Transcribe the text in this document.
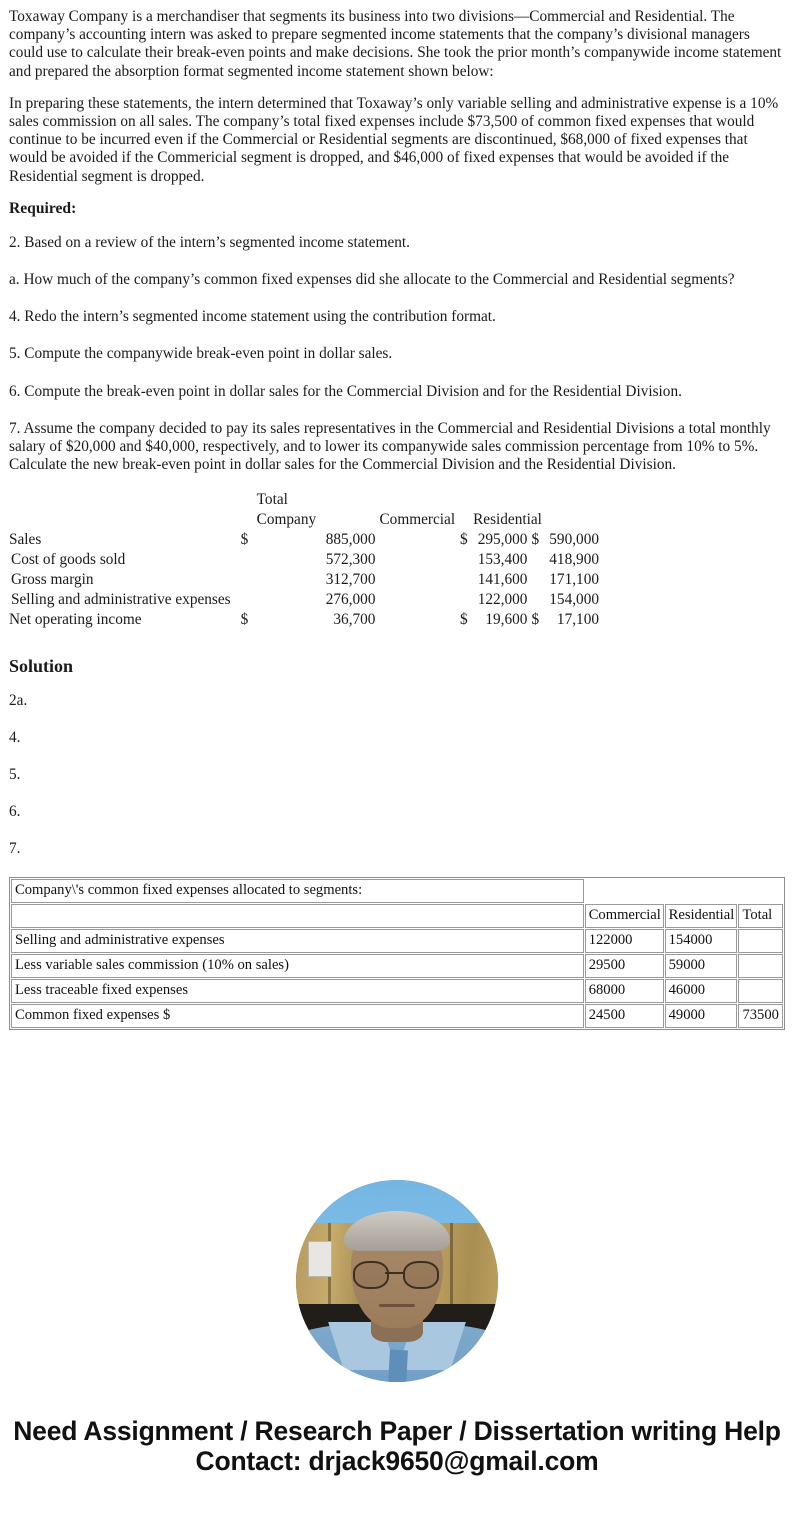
Toxaway Company is a merchandiser that segments its business into two divisions—Commercial and Residential. The company’s accounting intern was asked to prepare segmented income statements that the company’s divisional managers could use to calculate their break-even points and make decisions. She took the prior month’s companywide income statement and prepared the absorption format segmented income statement shown below:

In preparing these statements, the intern determined that Toxaway’s only variable selling and administrative expense is a 10% sales commission on all sales. The company’s total fixed expenses include $73,500 of common fixed expenses that would continue to be incurred even if the Commercial or Residential segments are discontinued, $68,000 of fixed expenses that would be avoided if the Commericial segment is dropped, and $46,000 of fixed expenses that would be avoided if the Residential segment is dropped.

Required:

2. Based on a review of the intern’s segmented income statement.

a. How much of the company’s common fixed expenses did she allocate to the Commercial and Residential segments?

4. Redo the intern’s segmented income statement using the contribution format.

5. Compute the companywide break-even point in dollar sales.

6. Compute the break-even point in dollar sales for the Commercial Division and for the Residential Division.

7. Assume the company decided to pay its sales representatives in the Commercial and Residential Divisions a total monthly salary of $20,000 and $40,000, respectively, and to lower its companywide sales commission percentage from 10% to 5%. Calculate the new break-even point in dollar sales for the Commercial Division and the Residential Division.

		Total					
		Company	Commercial		Residential		
Sales	$	885,000		$	295,000	$	590,000
Cost of goods sold		572,300			153,400		418,900
Gross margin		312,700			141,600		171,100
Selling and administrative expenses		276,000			122,000		154,000
Net operating income	$	36,700		$	19,600	$	17,100
Solution

2a.

4.

5.

6.

7.

Company\'s common fixed expenses allocated to segments:			
	Commercial	Residential	Total
Selling and administrative expenses	122000	154000	
Less variable sales commission (10% on sales)	29500	59000	
Less traceable fixed expenses	68000	46000	
Common fixed expenses $	24500	49000	73500
Need Assignment / Research Paper / Dissertation writing Help
Contact: drjack9650@gmail.com
